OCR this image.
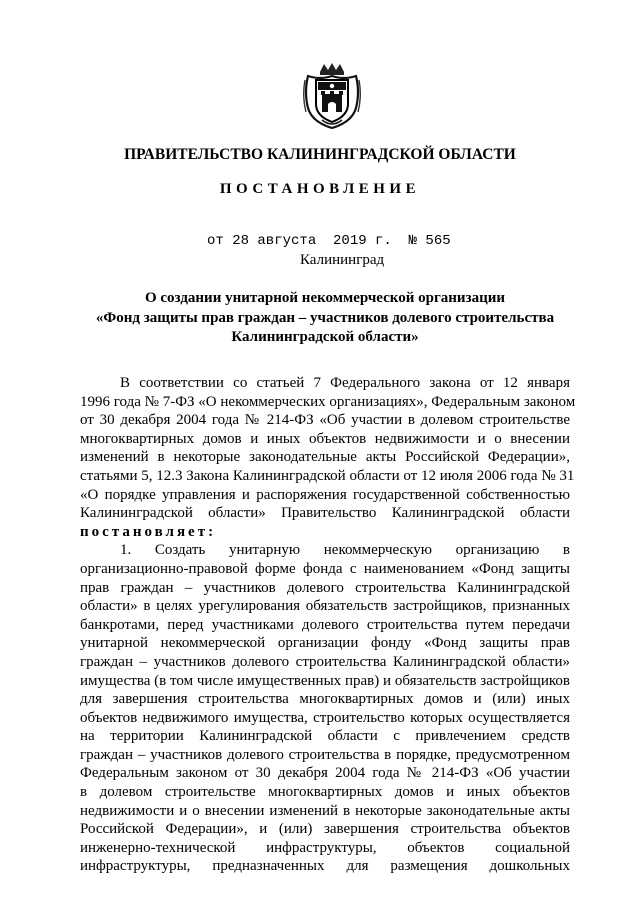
ПРАВИТЕЛЬСТВО КАЛИНИНГРАДСКОЙ ОБЛАСТИ
ПОСТАНОВЛЕНИЕ
от 28 августа  2019 г.  № 565
Калининград
О создании унитарной некоммерческой организации
«Фонд защиты прав граждан – участников долевого строительства
Калининградской области»
В соответствии со статьей 7 Федерального закона от 12 января
1996 года № 7-ФЗ «О некоммерческих организациях», Федеральным законом
от 30 декабря 2004 года № 214-ФЗ «Об участии в долевом строительстве
многоквартирных домов и иных объектов недвижимости и о внесении
изменений в некоторые законодательные акты Российской Федерации»,
статьями 5, 12.3 Закона Калининградской области от 12 июля 2006 года № 31
«О порядке управления и распоряжения государственной собственностью
Калининградской области» Правительство Калининградской области
постановляет:
1. Создать унитарную некоммерческую организацию в
организационно-правовой форме фонда с наименованием «Фонд защиты
прав граждан – участников долевого строительства Калининградской
области» в целях урегулирования обязательств застройщиков, признанных
банкротами, перед участниками долевого строительства путем передачи
унитарной некоммерческой организации фонду «Фонд защиты прав
граждан – участников долевого строительства Калининградской области»
имущества (в том числе имущественных прав) и обязательств застройщиков
для завершения строительства многоквартирных домов и (или) иных
объектов недвижимого имущества, строительство которых осуществляется
на территории Калининградской области с привлечением средств
граждан – участников долевого строительства в порядке, предусмотренном
Федеральным законом от 30 декабря 2004 года № 214-ФЗ «Об участии
в долевом строительстве многоквартирных домов и иных объектов
недвижимости и о внесении изменений в некоторые законодательные акты
Российской Федерации», и (или) завершения строительства объектов
инженерно-технической инфраструктуры, объектов социальной
инфраструктуры, предназначенных для размещения дошкольных
